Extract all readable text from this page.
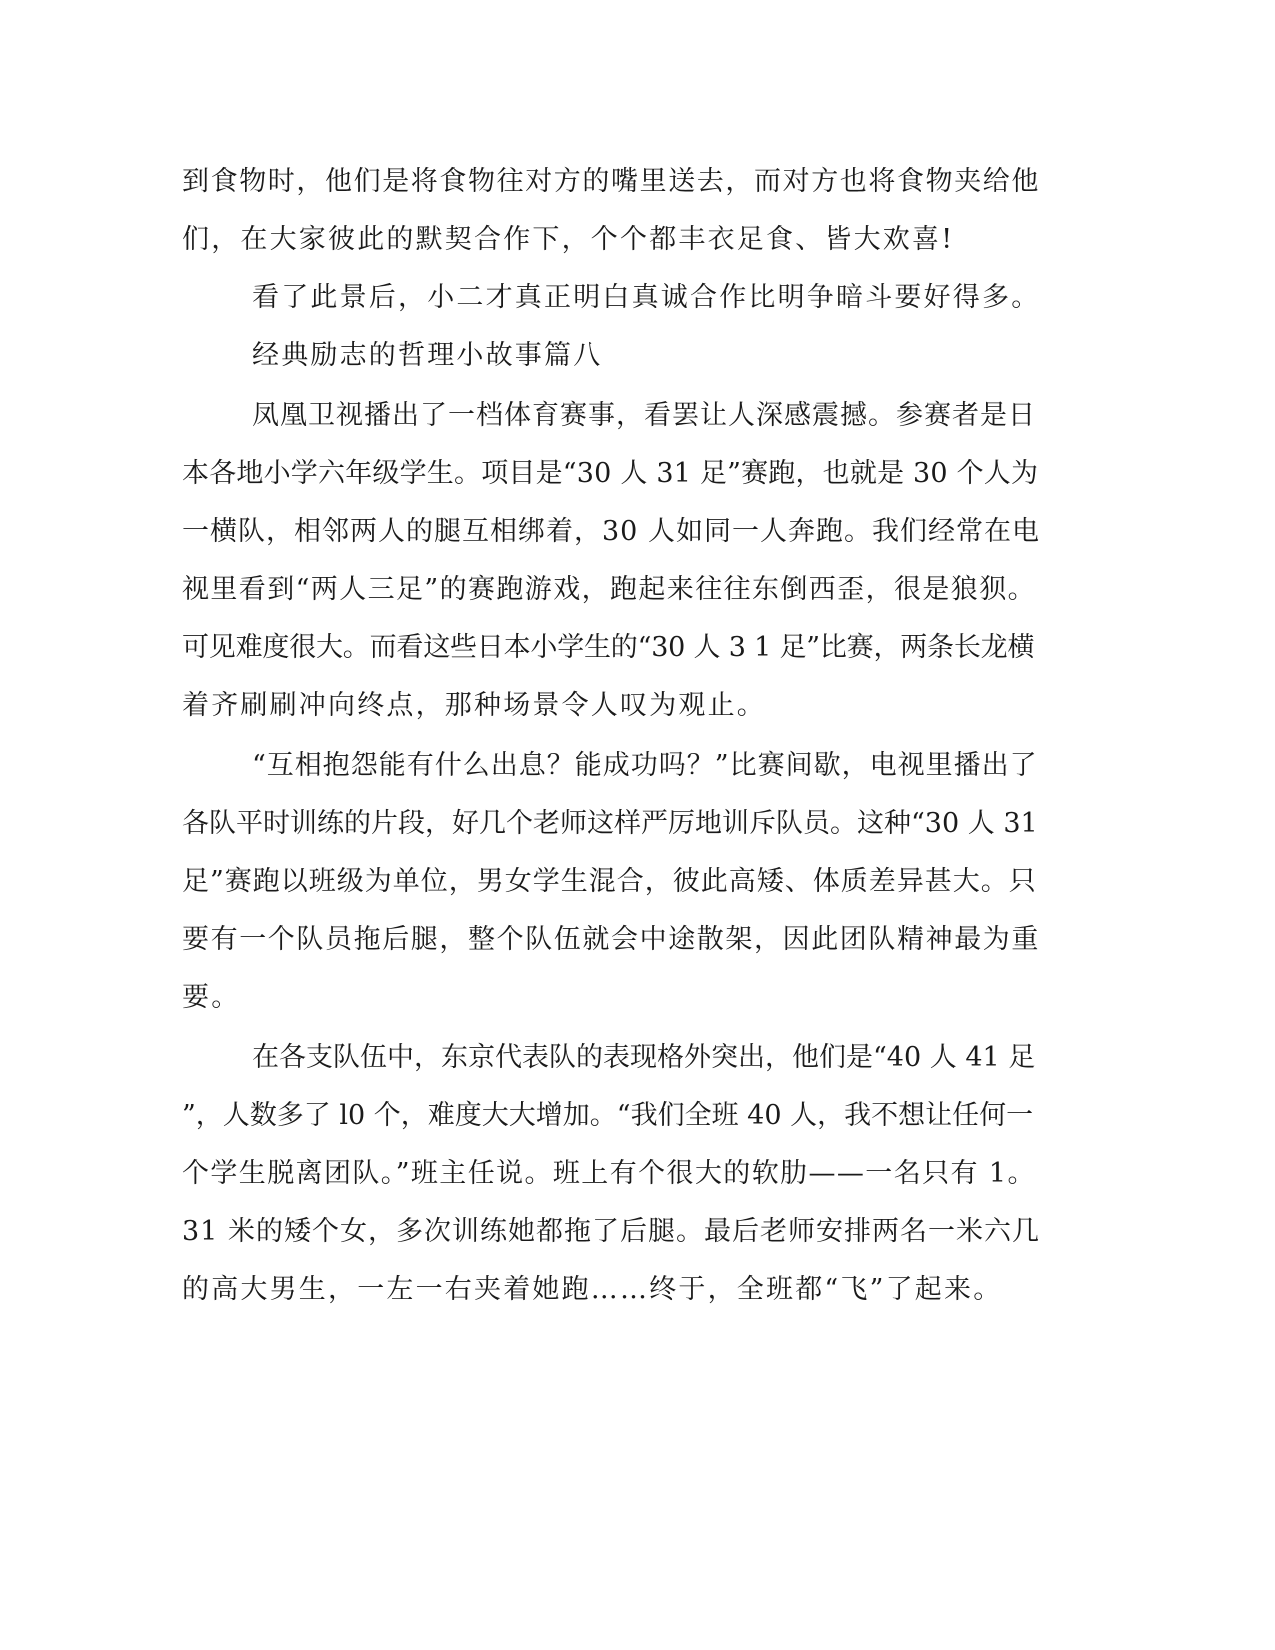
到食物时，他们是将食物往对方的嘴里送去，而对方也将食物夹给他

们，在大家彼此的默契合作下，个个都丰衣足食、皆大欢喜!

看了此景后，小二才真正明白真诚合作比明争暗斗要好得多。

经典励志的哲理小故事篇八

凤凰卫视播出了一档体育赛事，看罢让人深感震撼。参赛者是日

本各地小学六年级学生。项目是“30 人 31 足”赛跑，也就是 30 个人为

一横队，相邻两人的腿互相绑着，30 人如同一人奔跑。我们经常在电

视里看到“两人三足”的赛跑游戏，跑起来往往东倒西歪，很是狼狈。

可见难度很大。而看这些日本小学生的“30 人 3 1 足”比赛，两条长龙横

着齐刷刷冲向终点，那种场景令人叹为观止。

“互相抱怨能有什么出息？能成功吗？”比赛间歇，电视里播出了

各队平时训练的片段，好几个老师这样严厉地训斥队员。这种“30 人 31

足”赛跑以班级为单位，男女学生混合，彼此高矮、体质差异甚大。只

要有一个队员拖后腿，整个队伍就会中途散架，因此团队精神最为重

要。

在各支队伍中，东京代表队的表现格外突出，他们是“40 人 41 足

”，人数多了 l0 个，难度大大增加。“我们全班 40 人，我不想让任何一

个学生脱离团队。”班主任说。班上有个很大的软肋——一名只有 1。

31 米的矮个女，多次训练她都拖了后腿。最后老师安排两名一米六几

的高大男生，一左一右夹着她跑……终于，全班都“飞”了起来。
